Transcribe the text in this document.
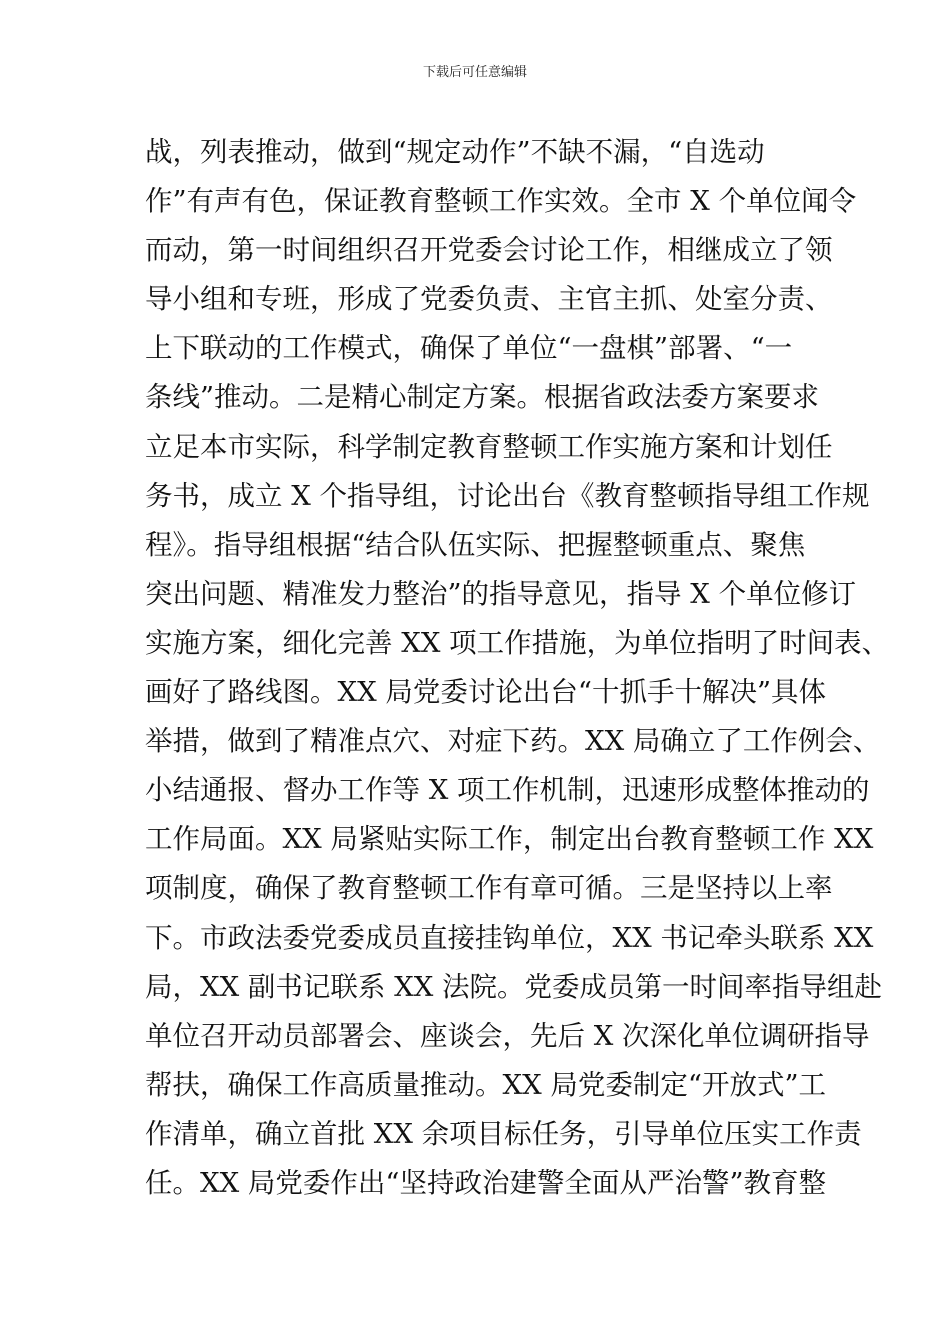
下载后可任意编辑
战，列表推动，做到“规定动作”不缺不漏，“自选动
作”有声有色，保证教育整顿工作实效。全市 X 个单位闻令
而动，第一时间组织召开党委会讨论工作，相继成立了领
导小组和专班，形成了党委负责、主官主抓、处室分责、
上下联动的工作模式，确保了单位“一盘棋”部署、“一
条线”推动。二是精心制定方案。根据省政法委方案要求
立足本市实际，科学制定教育整顿工作实施方案和计划任
务书，成立 X 个指导组，讨论出台《教育整顿指导组工作规
程》。指导组根据“结合队伍实际、把握整顿重点、聚焦
突出问题、精准发力整治”的指导意见，指导 X 个单位修订
实施方案，细化完善 XX 项工作措施，为单位指明了时间表、
画好了路线图。XX 局党委讨论出台“十抓手十解决”具体
举措，做到了精准点穴、对症下药。XX 局确立了工作例会、
小结通报、督办工作等 X 项工作机制，迅速形成整体推动的
工作局面。XX 局紧贴实际工作，制定出台教育整顿工作 XX
项制度，确保了教育整顿工作有章可循。三是坚持以上率
下。市政法委党委成员直接挂钩单位，XX 书记牵头联系 XX
局，XX 副书记联系 XX 法院。党委成员第一时间率指导组赴
单位召开动员部署会、座谈会，先后 X 次深化单位调研指导
帮扶，确保工作高质量推动。XX 局党委制定“开放式”工
作清单，确立首批 XX 余项目标任务，引导单位压实工作责
任。XX 局党委作出“坚持政治建警全面从严治警”教育整
